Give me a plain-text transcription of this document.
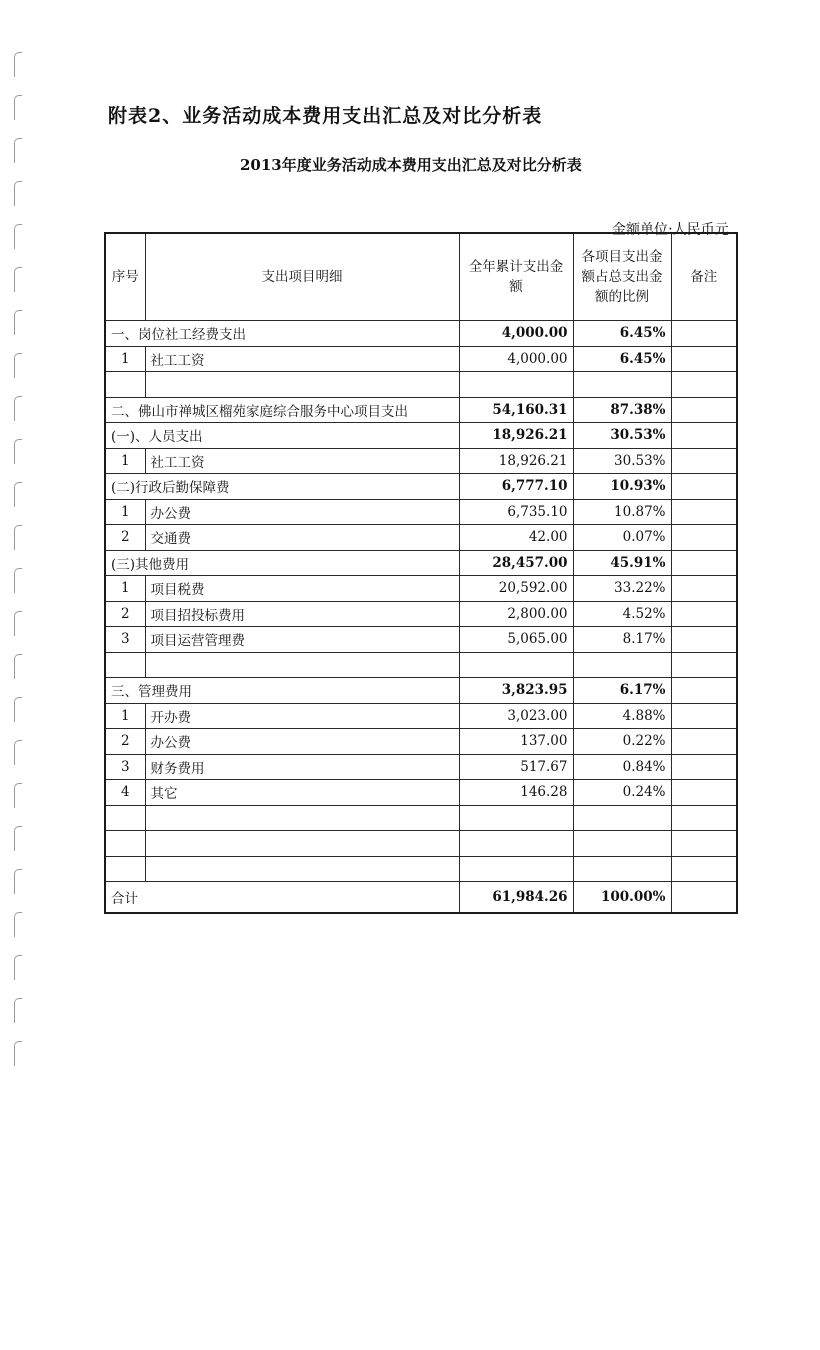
附表2、业务活动成本费用支出汇总及对比分析表
2013年度业务活动成本费用支出汇总及对比分析表
金额单位:人民币元
序号	支出项目明细	全年累计支出金额	各项目支出金额占总支出金额的比例	备注
一、岗位社工经费支出		4,000.00	6.45%	
1	社工工资	4,000.00	6.45%	

二、佛山市禅城区榴苑家庭综合服务中心项目支出		54,160.31	87.38%	
(一)、人员支出		18,926.21	30.53%	
1	社工工资	18,926.21	30.53%	
(二)行政后勤保障费		6,777.10	10.93%	
1	办公费	6,735.10	10.87%	
2	交通费	42.00	0.07%	
(三)其他费用		28,457.00	45.91%	
1	项目税费	20,592.00	33.22%	
2	项目招投标费用	2,800.00	4.52%	
3	项目运营管理费	5,065.00	8.17%	

三、管理费用		3,823.95	6.17%	
1	开办费	3,023.00	4.88%	
2	办公费	137.00	0.22%	
3	财务费用	517.67	0.84%	
4	其它	146.28	0.24%	

合计		61,984.26	100.00%	
